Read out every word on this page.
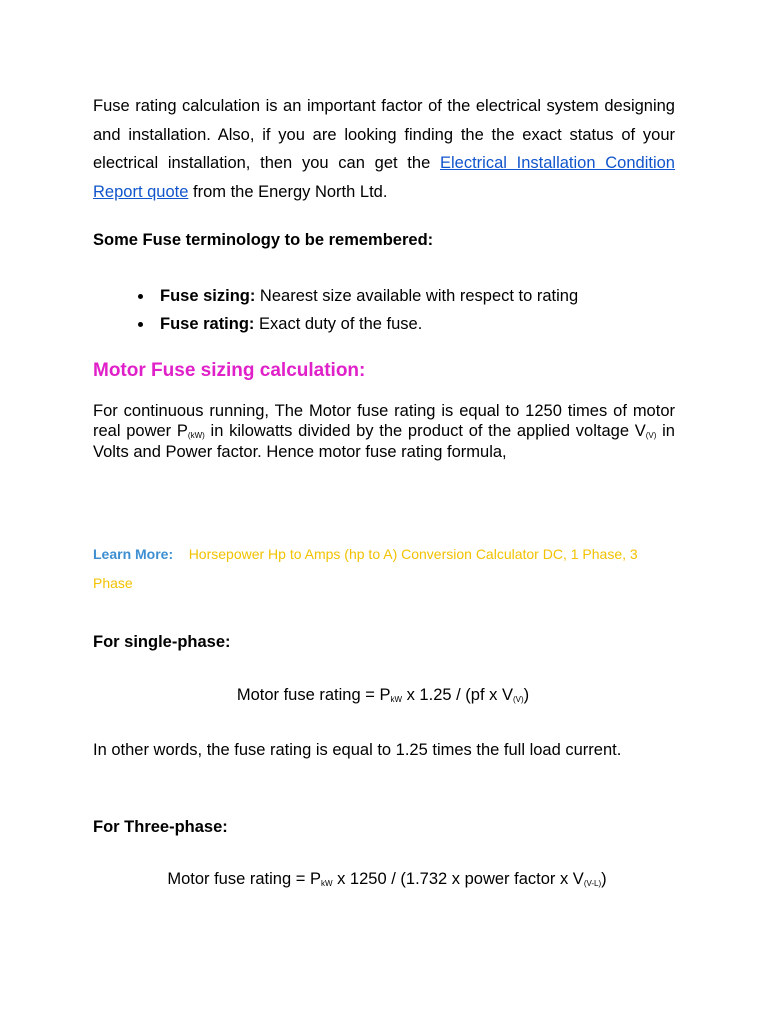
Fuse rating calculation is an important factor of the electrical system designing and installation. Also, if you are looking finding the the exact status of your electrical installation, then you can get the Electrical Installation Condition Report quote from the Energy North Ltd.

Some Fuse terminology to be remembered:

Fuse sizing: Nearest size available with respect to rating
Fuse rating: Exact duty of the fuse.
Motor Fuse sizing calculation:

For continuous running, The Motor fuse rating is equal to 1250 times of motor real power $P_{(kW)}$ in kilowatts divided by the product of the applied voltage $V_{(V)}$ in Volts and Power factor. Hence motor fuse rating formula,

Learn More: Horsepower Hp to Amps (hp to A) Conversion Calculator DC, 1 Phase, 3 Phase

For single-phase:

Motor fuse rating = $P_{kW}$ x 1.25 / (pf x $V_{(V)}$)

In other words, the fuse rating is equal to 1.25 times the full load current.

For Three-phase:

Motor fuse rating = $P_{kW}$ x 1250 / (1.732 x power factor x $V_{(V-L)}$)
